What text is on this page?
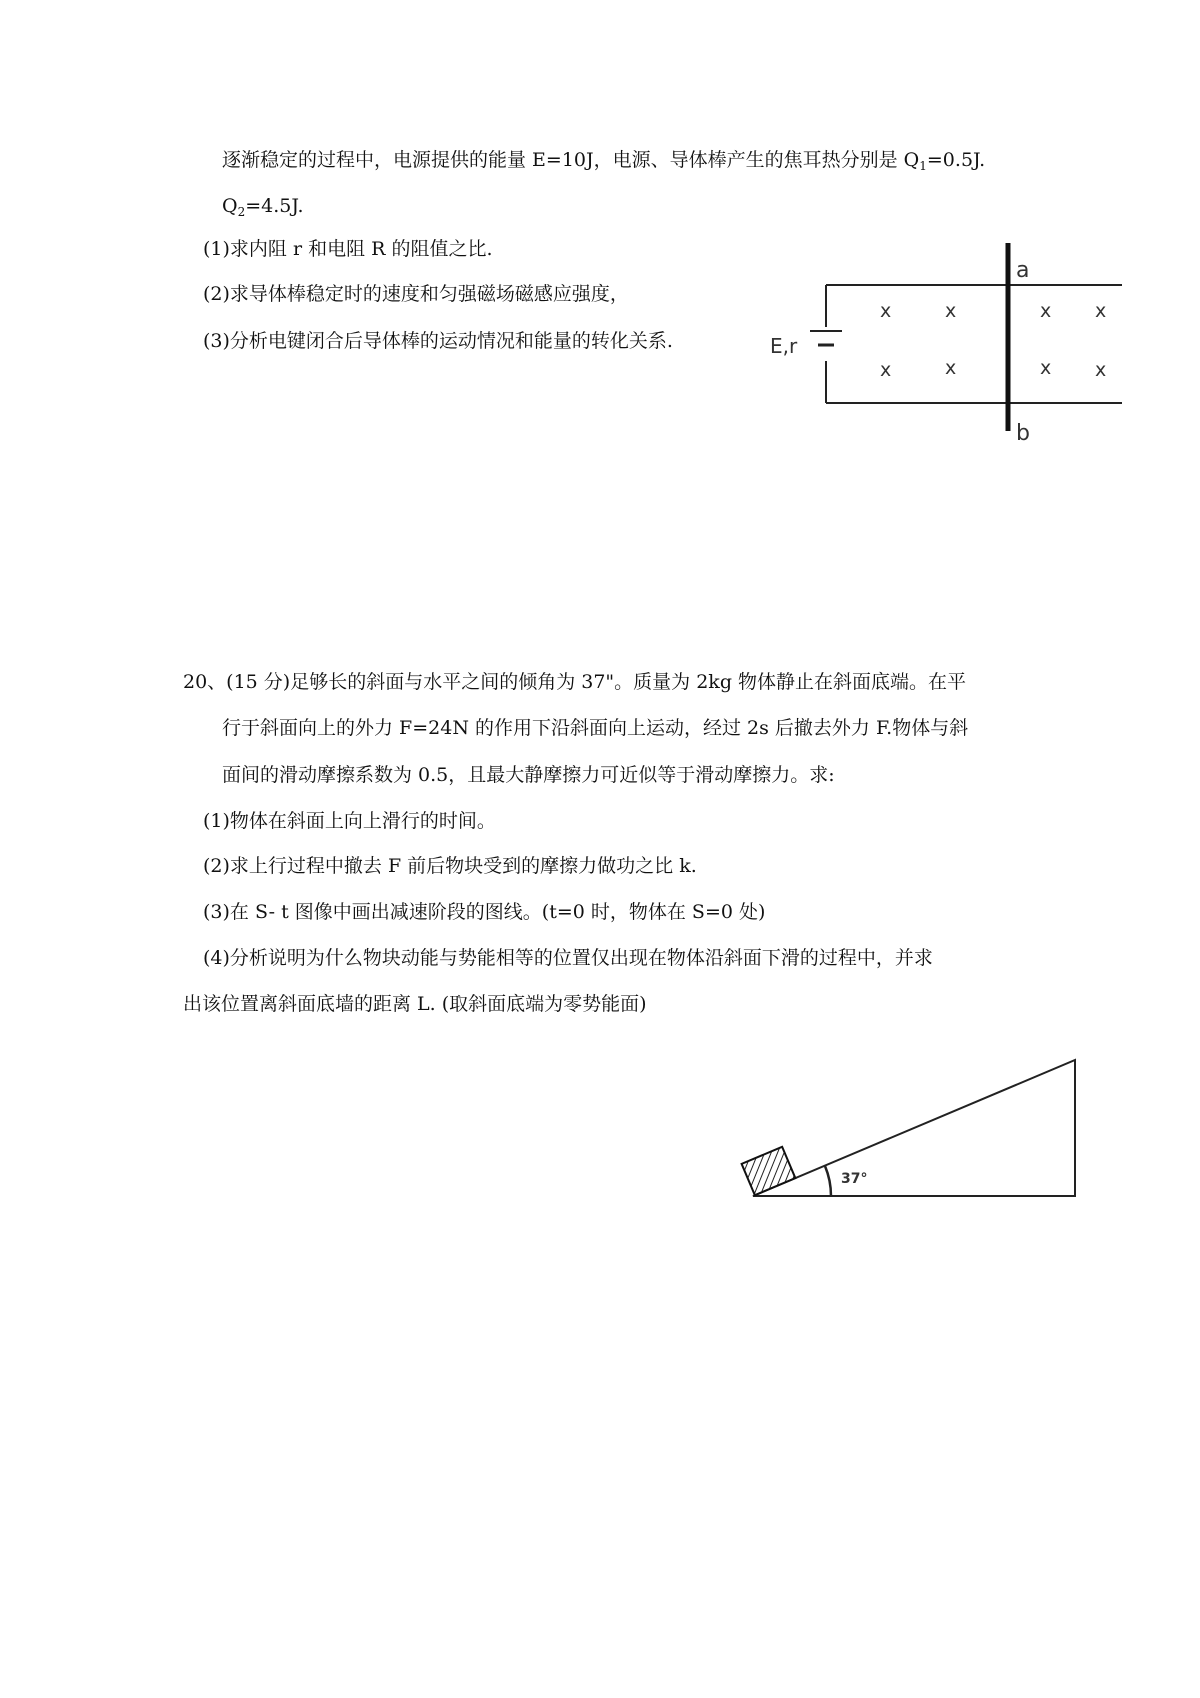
逐渐稳定的过程中，电源提供的能量 E=10J，电源、导体棒产生的焦耳热分别是 $Q_1=0.5J$.
$Q_2=4.5J$.
(1)求内阻 r 和电阻 R 的阻值之比.
(2)求导体棒稳定时的速度和匀强磁场磁感应强度，
(3)分析电键闭合后导体棒的运动情况和能量的转化关系.
a
b
E,r
x	x	x x
x	x	x x
20、(15 分)足够长的斜面与水平之间的倾角为 37"。质量为 2kg 物体静止在斜面底端。在平
行于斜面向上的外力 F=24N 的作用下沿斜面向上运动，经过 2s 后撤去外力 F.物体与斜
面间的滑动摩擦系数为 0.5，且最大静摩擦力可近似等于滑动摩擦力。求:
(1)物体在斜面上向上滑行的时间。
(2)求上行过程中撤去 F 前后物块受到的摩擦力做功之比 k.
(3)在 S- t 图像中画出减速阶段的图线。(t=0 时，物体在 S=0 处)
(4)分析说明为什么物块动能与势能相等的位置仅出现在物体沿斜面下滑的过程中，并求
出该位置离斜面底墙的距离 L. (取斜面底端为零势能面)
37°
